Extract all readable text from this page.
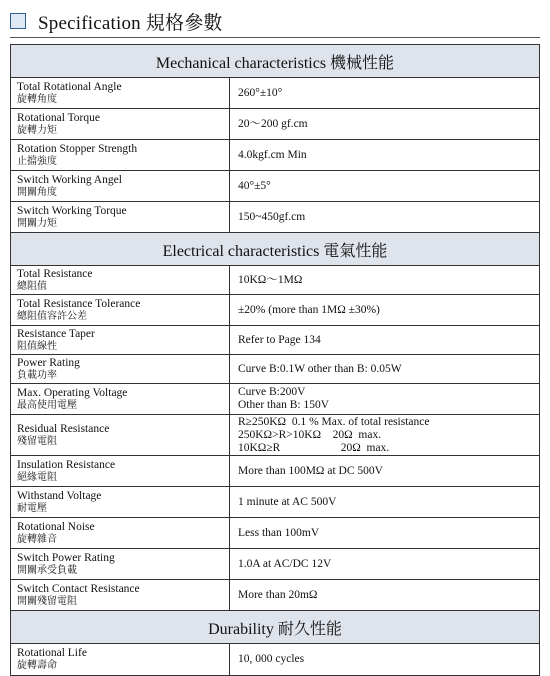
Specification 規格參數
Mechanical characteristics 機械性能
Total Rotational Angle
旋轉角度
260°±10°
Rotational Torque
旋轉力矩
20～200 gf.cm
Rotation Stopper Strength
止擋強度
4.0kgf.cm Min
Switch Working Angel
開關角度
40°±5°
Switch Working Torque
開關力矩
150~450gf.cm
Electrical characteristics 電氣性能
Total Resistance
總阻值
10KΩ～1MΩ
Total Resistance Tolerance
總阻值容許公差
±20% (more than 1MΩ ±30%)
Resistance Taper
阻值線性
Refer to Page 134
Power Rating
負載功率
Curve B:0.1W other than B: 0.05W
Max. Operating Voltage
最高使用電壓
Curve B:200V
Other than B: 150V
Residual Resistance
殘留電阻
R≥250KΩ  0.1 % Max. of total resistance
250KΩ>R>10KΩ    20Ω  max.
10KΩ≥R                     20Ω  max.
Insulation Resistance
絕緣電阻
More than 100MΩ at DC 500V
Withstand Voltage
耐電壓
1 minute at AC 500V
Rotational Noise
旋轉雜音
Less than 100mV
Switch Power Rating
開關承受負載
1.0A at AC/DC 12V
Switch Contact Resistance
開關殘留電阻
More than 20mΩ
Durability 耐久性能
Rotational Life
旋轉壽命
10, 000 cycles
